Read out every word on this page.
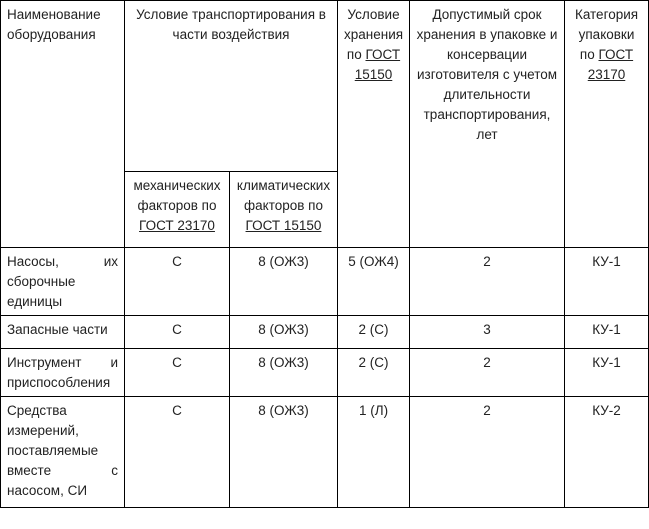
Наименование оборудования	Условие транспортирования в части воздействия		Условие хранения по ГОСТ 15150	Допустимый срок хранения в упаковке и консервации изготовителя с учетом длительности транспортирования, лет	Категория упаковки по ГОСТ 23170
	механических факторов по ГОСТ 23170	климатических факторов по ГОСТ 15150			

Насосы, их
сборочные единицы	С	8 (ОЖ3)	5 (ОЖ4)	2	КУ-1
Запасные части	С	8 (ОЖ3)	2 (С)	3	КУ-1

Инструмент и
приспособления	С	8 (ОЖ3)	2 (С)	2	КУ-1

Средства измерений, поставляемые
вместе с
насосом, СИ	С	8 (ОЖ3)	1 (Л)	2	КУ-2
